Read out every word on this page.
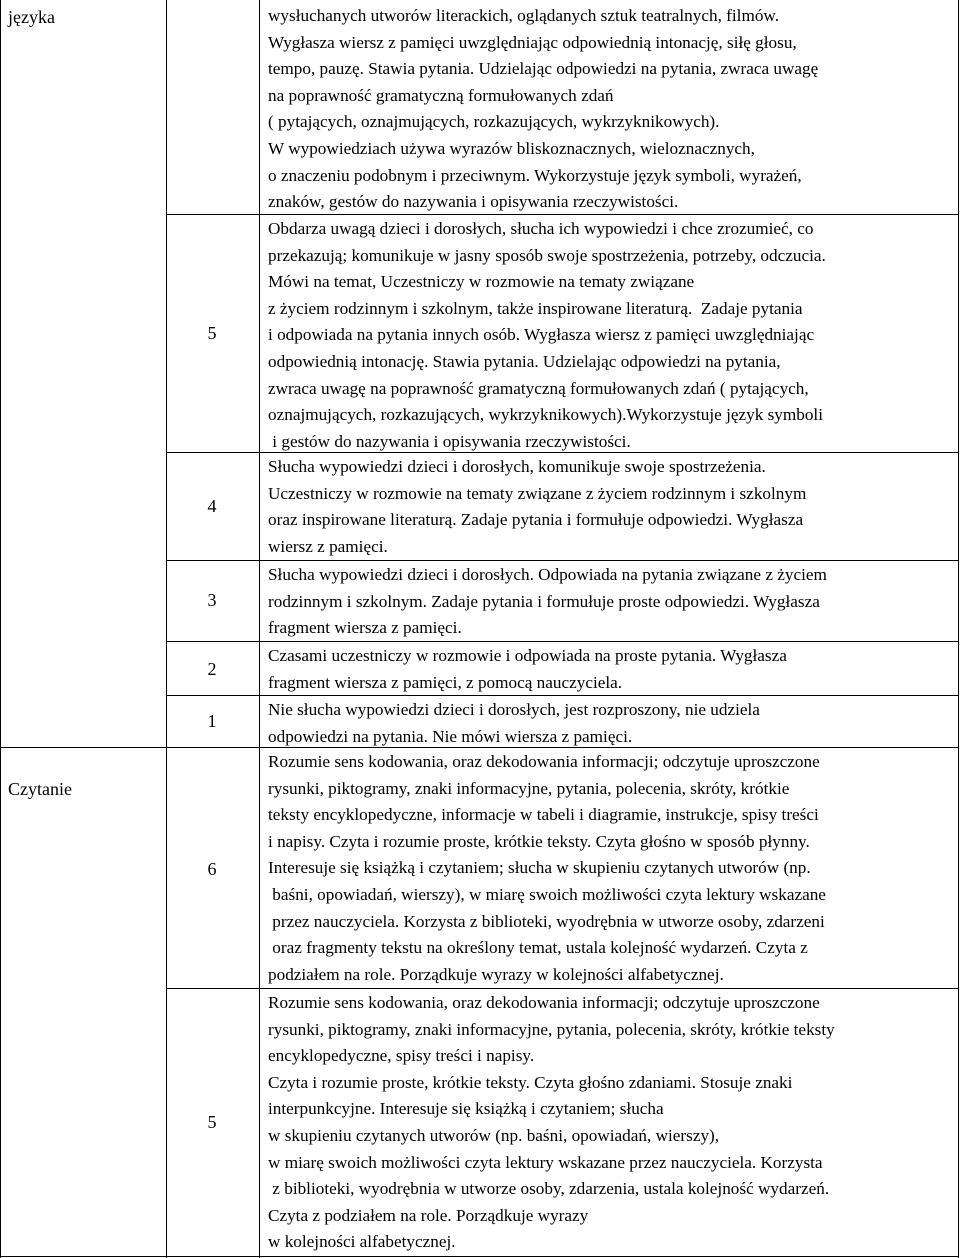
języka
Czytanie
5
4
3
2
1
6
5
wysłuchanych utworów literackich, oglądanych sztuk teatralnych, filmów.
Wygłasza wiersz z pamięci uwzględniając odpowiednią intonację, siłę głosu,
tempo, pauzę. Stawia pytania. Udzielając odpowiedzi na pytania, zwraca uwagę
na poprawność gramatyczną formułowanych zdań
( pytających, oznajmujących, rozkazujących, wykrzyknikowych).
W wypowiedziach używa wyrazów bliskoznacznych, wieloznacznych,
o znaczeniu podobnym i przeciwnym. Wykorzystuje język symboli, wyrażeń,
znaków, gestów do nazywania i opisywania rzeczywistości.
Obdarza uwagą dzieci i dorosłych, słucha ich wypowiedzi i chce zrozumieć, co
przekazują; komunikuje w jasny sposób swoje spostrzeżenia, potrzeby, odczucia.
Mówi na temat, Uczestniczy w rozmowie na tematy związane
z życiem rodzinnym i szkolnym, także inspirowane literaturą.  Zadaje pytania
i odpowiada na pytania innych osób. Wygłasza wiersz z pamięci uwzględniając
odpowiednią intonację. Stawia pytania. Udzielając odpowiedzi na pytania,
zwraca uwagę na poprawność gramatyczną formułowanych zdań ( pytających,
oznajmujących, rozkazujących, wykrzyknikowych).Wykorzystuje język symboli
i gestów do nazywania i opisywania rzeczywistości.
Słucha wypowiedzi dzieci i dorosłych, komunikuje swoje spostrzeżenia.
Uczestniczy w rozmowie na tematy związane z życiem rodzinnym i szkolnym
oraz inspirowane literaturą. Zadaje pytania i formułuje odpowiedzi. Wygłasza
wiersz z pamięci.
Słucha wypowiedzi dzieci i dorosłych. Odpowiada na pytania związane z życiem
rodzinnym i szkolnym. Zadaje pytania i formułuje proste odpowiedzi. Wygłasza
fragment wiersza z pamięci.
Czasami uczestniczy w rozmowie i odpowiada na proste pytania. Wygłasza
fragment wiersza z pamięci, z pomocą nauczyciela.
Nie słucha wypowiedzi dzieci i dorosłych, jest rozproszony, nie udziela
odpowiedzi na pytania. Nie mówi wiersza z pamięci.
Rozumie sens kodowania, oraz dekodowania informacji; odczytuje uproszczone
rysunki, piktogramy, znaki informacyjne, pytania, polecenia, skróty, krótkie
teksty encyklopedyczne, informacje w tabeli i diagramie, instrukcje, spisy treści
i napisy. Czyta i rozumie proste, krótkie teksty. Czyta głośno w sposób płynny.
Interesuje się książką i czytaniem; słucha w skupieniu czytanych utworów (np.
baśni, opowiadań, wierszy), w miarę swoich możliwości czyta lektury wskazane
przez nauczyciela. Korzysta z biblioteki, wyodrębnia w utworze osoby, zdarzeni
oraz fragmenty tekstu na określony temat, ustala kolejność wydarzeń. Czyta z
podziałem na role. Porządkuje wyrazy w kolejności alfabetycznej.
Rozumie sens kodowania, oraz dekodowania informacji; odczytuje uproszczone
rysunki, piktogramy, znaki informacyjne, pytania, polecenia, skróty, krótkie teksty
encyklopedyczne, spisy treści i napisy.
Czyta i rozumie proste, krótkie teksty. Czyta głośno zdaniami. Stosuje znaki
interpunkcyjne. Interesuje się książką i czytaniem; słucha
w skupieniu czytanych utworów (np. baśni, opowiadań, wierszy),
w miarę swoich możliwości czyta lektury wskazane przez nauczyciela. Korzysta
z biblioteki, wyodrębnia w utworze osoby, zdarzenia, ustala kolejność wydarzeń.
Czyta z podziałem na role. Porządkuje wyrazy
w kolejności alfabetycznej.
